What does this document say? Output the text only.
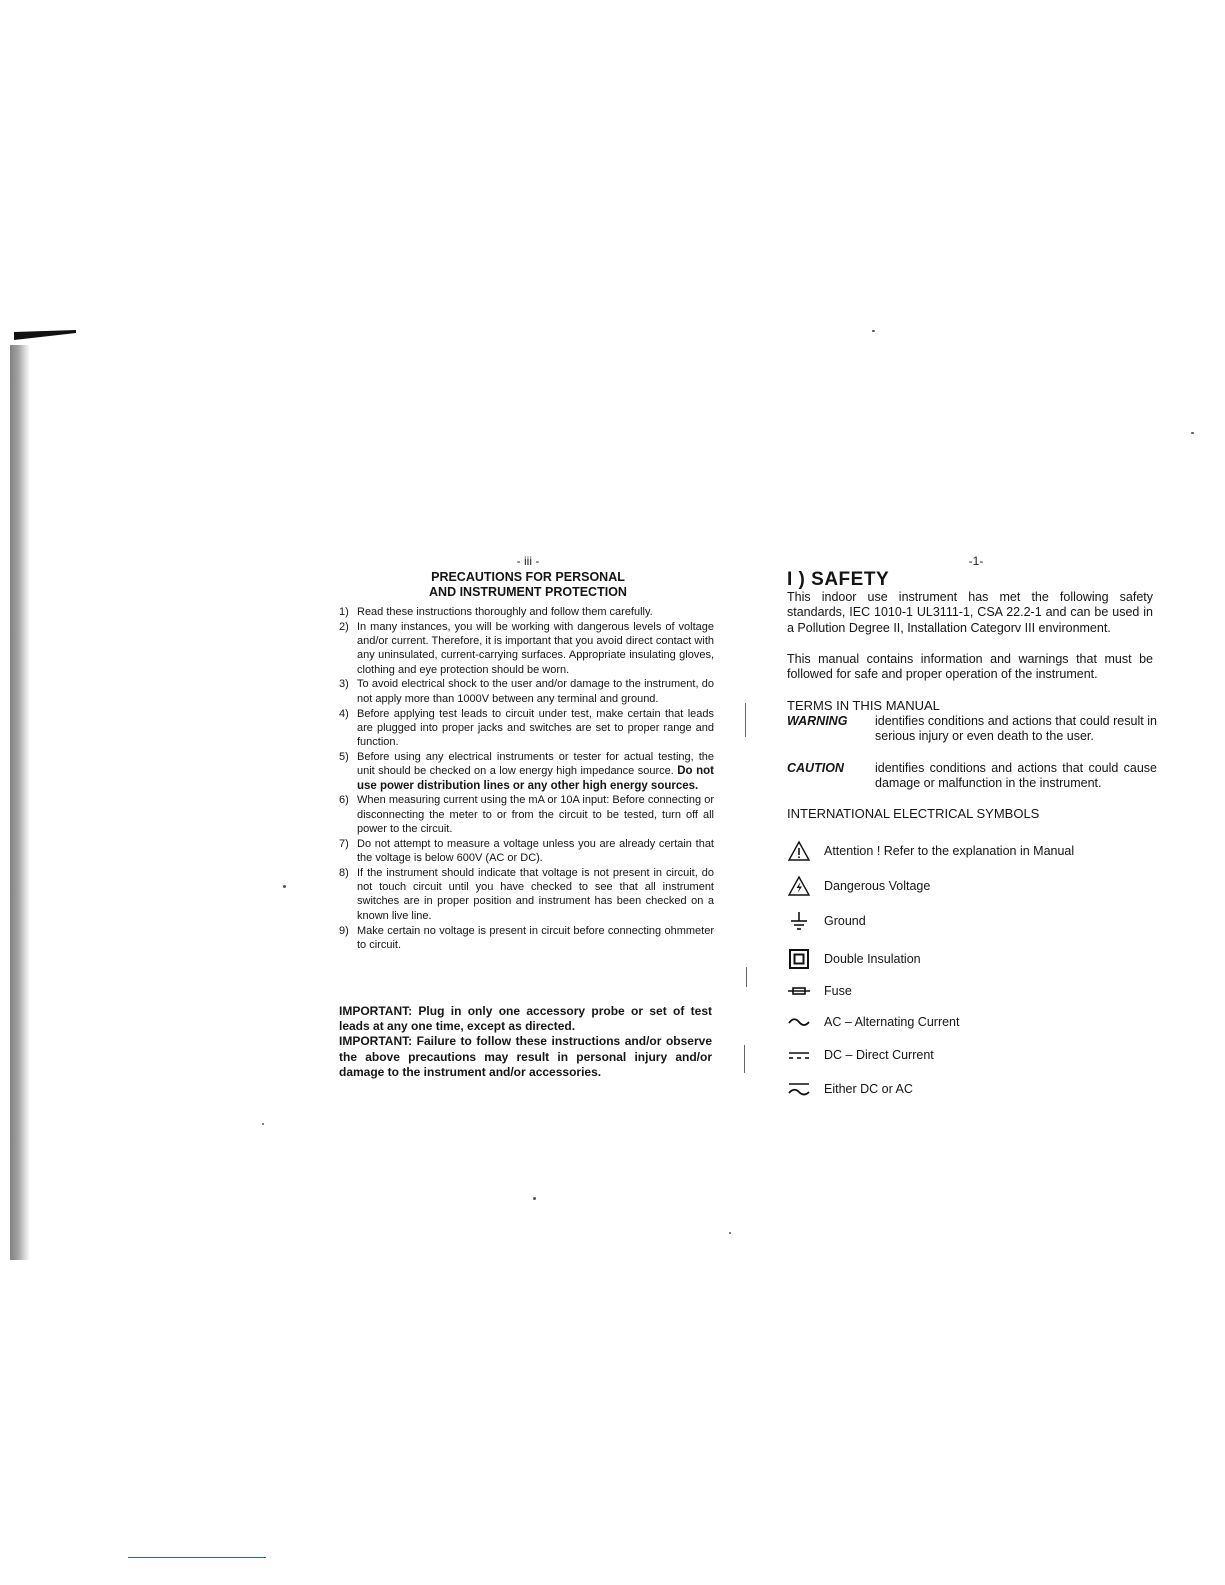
- iii -
PRECAUTIONS FOR PERSONAL
AND INSTRUMENT PROTECTION
1) Read these instructions thoroughly and follow them carefully.
2) In many instances, you will be working with dangerous levels of voltage and/or current. Therefore, it is important that you avoid direct contact with any uninsulated, current-carrying surfaces. Appropriate insulating gloves, clothing and eye protection should be worn.
3) To avoid electrical shock to the user and/or damage to the instrument, do not apply more than 1000V between any terminal and ground.
4) Before applying test leads to circuit under test, make certain that leads are plugged into proper jacks and switches are set to proper range and function.
5) Before using any electrical instruments or tester for actual testing, the unit should be checked on a low energy high impedance source. Do not use power distribution lines or any other high energy sources.
6) When measuring current using the mA or 10A input: Before connecting or disconnecting the meter to or from the circuit to be tested, turn off all power to the circuit.
7) Do not attempt to measure a voltage unless you are already certain that the voltage is below 600V (AC or DC).
8) If the instrument should indicate that voltage is not present in circuit, do not touch circuit until you have checked to see that all instrument switches are in proper position and instrument has been checked on a known live line.
9) Make certain no voltage is present in circuit before connecting ohmmeter to circuit.
IMPORTANT: Plug in only one accessory probe or set of test leads at any one time, except as directed.
IMPORTANT: Failure to follow these instructions and/or observe the above precautions may result in personal injury and/or damage to the instrument and/or accessories.
-1-
I ) SAFETY
This indoor use instrument has met the following safety standards, IEC 1010-1 UL3111-1, CSA 22.2-1 and can be used in a Pollution Degree II, Installation Categorv III environment.
This manual contains information and warnings that must be followed for safe and proper operation of the instrument.
TERMS IN THIS MANUAL
WARNING identifies conditions and actions that could result in serious injury or even death to the user.
CAUTION identifies conditions and actions that could cause damage or malfunction in the instrument.
INTERNATIONAL ELECTRICAL SYMBOLS
Attention ! Refer to the explanation in Manual
Dangerous Voltage
Ground
Double Insulation
Fuse
AC – Alternating Current
DC – Direct Current
Either DC or AC
